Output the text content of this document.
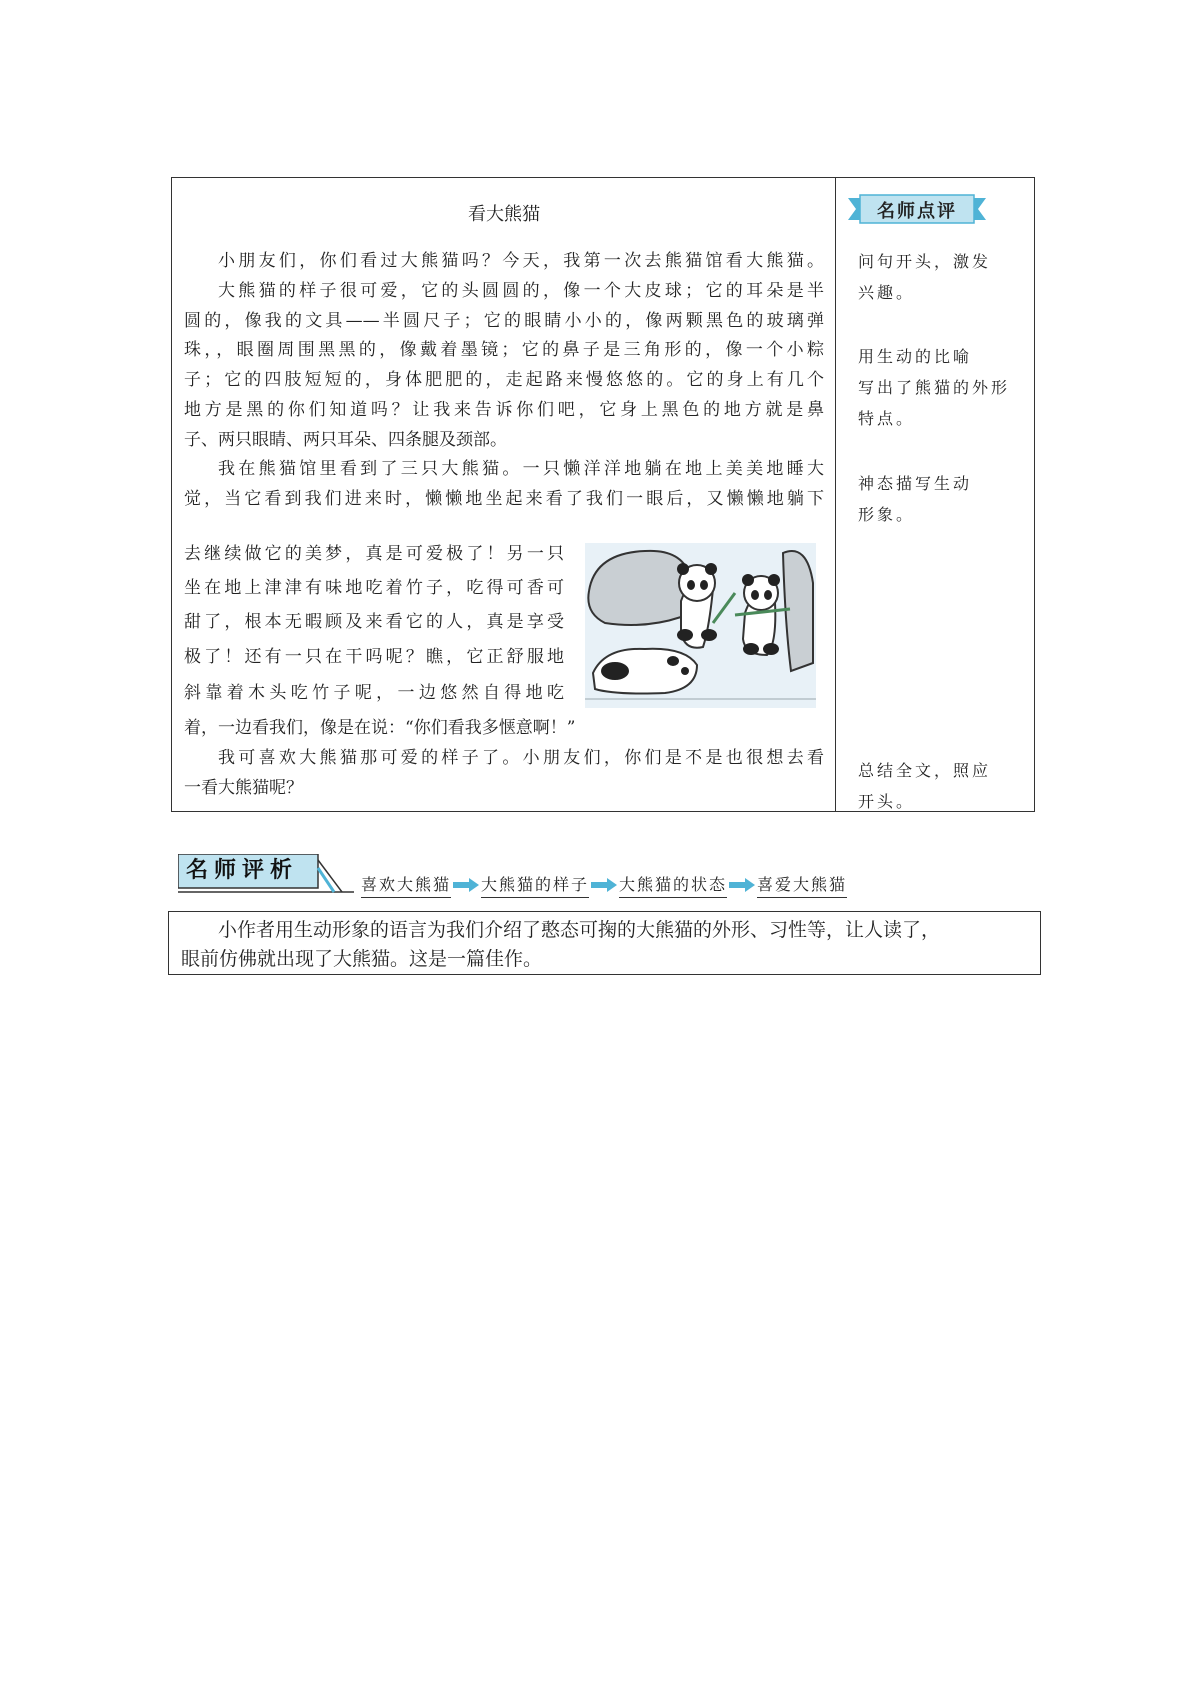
看大熊猫
小朋友们，你们看过大熊猫吗？今天，我第一次去熊猫馆看大熊猫。
大熊猫的样子很可爱，它的头圆圆的，像一个大皮球；它的耳朵是半
圆的，像我的文具——半圆尺子；它的眼睛小小的，像两颗黑色的玻璃弹
珠，，眼圈周围黑黑的，像戴着墨镜；它的鼻子是三角形的，像一个小粽
子；它的四肢短短的，身体肥肥的，走起路来慢悠悠的。它的身上有几个
地方是黑的你们知道吗？让我来告诉你们吧，它身上黑色的地方就是鼻
子、两只眼睛、两只耳朵、四条腿及颈部。
我在熊猫馆里看到了三只大熊猫。一只懒洋洋地躺在地上美美地睡大
觉，当它看到我们进来时，懒懒地坐起来看了我们一眼后，又懒懒地躺下
去继续做它的美梦，真是可爱极了！另一只
坐在地上津津有味地吃着竹子，吃得可香可
甜了，根本无暇顾及来看它的人，真是享受
极了！还有一只在干吗呢？瞧，它正舒服地
斜靠着木头吃竹子呢，一边悠然自得地吃
着，一边看我们，像是在说：“你们看我多惬意啊！”
我可喜欢大熊猫那可爱的样子了。小朋友们，你们是不是也很想去看
一看大熊猫呢？
名师点评
问句开头，激发
兴趣。
用生动的比喻
写出了熊猫的外形
特点。
神态描写生动
形象。
总结全文，照应
开头。
名师评析
喜欢大熊猫 大熊猫的样子 大熊猫的状态 喜爱大熊猫
小作者用生动形象的语言为我们介绍了憨态可掬的大熊猫的外形、习性等，让人读了，
眼前仿佛就出现了大熊猫。这是一篇佳作。
